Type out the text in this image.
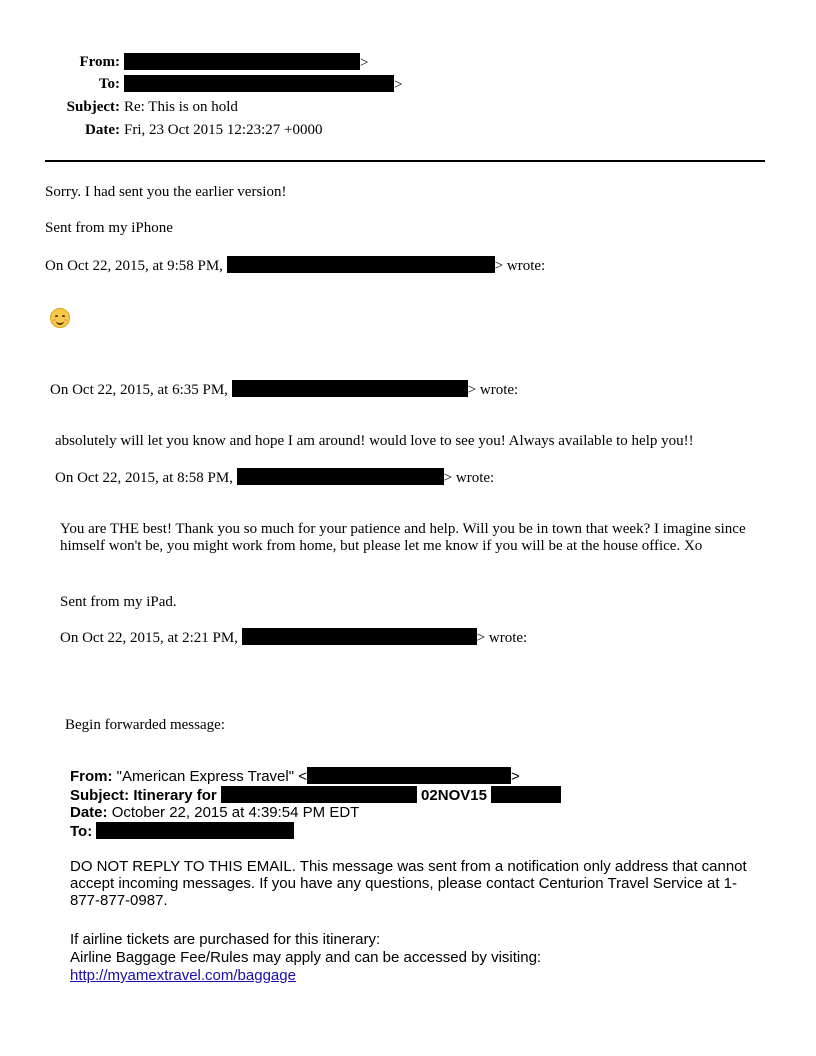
From:	>
To:	>
Subject: Re: This is on hold
Date: Fri, 23 Oct 2015 12:23:27 +0000
Sorry. I had sent you the earlier version!
Sent from my iPhone
On Oct 22, 2015, at 9:58 PM,	> wrote:
On Oct 22, 2015, at 6:35 PM,	> wrote:
absolutely will let you know and hope I am around! would love to see you! Always available to help you!!
On Oct 22, 2015, at 8:58 PM,	> wrote:
You are THE best! Thank you so much for your patience and help. Will you be in town that week? I imagine since himself won't be, you might work from home, but please let me know if you will be at the house office. Xo
Sent from my iPad.
On Oct 22, 2015, at 2:21 PM,	> wrote:
Begin forwarded message:
From: "American Express Travel" <	>
Subject: Itinerary for	02NOV15
Date: October 22, 2015 at 4:39:54 PM EDT
To:
DO NOT REPLY TO THIS EMAIL. This message was sent from a notification only address that cannot accept incoming messages. If you have any questions, please contact Centurion Travel Service at 1-877-877-0987.
If airline tickets are purchased for this itinerary:
Airline Baggage Fee/Rules may apply and can be accessed by visiting:
http://myamextravel.com/baggage
